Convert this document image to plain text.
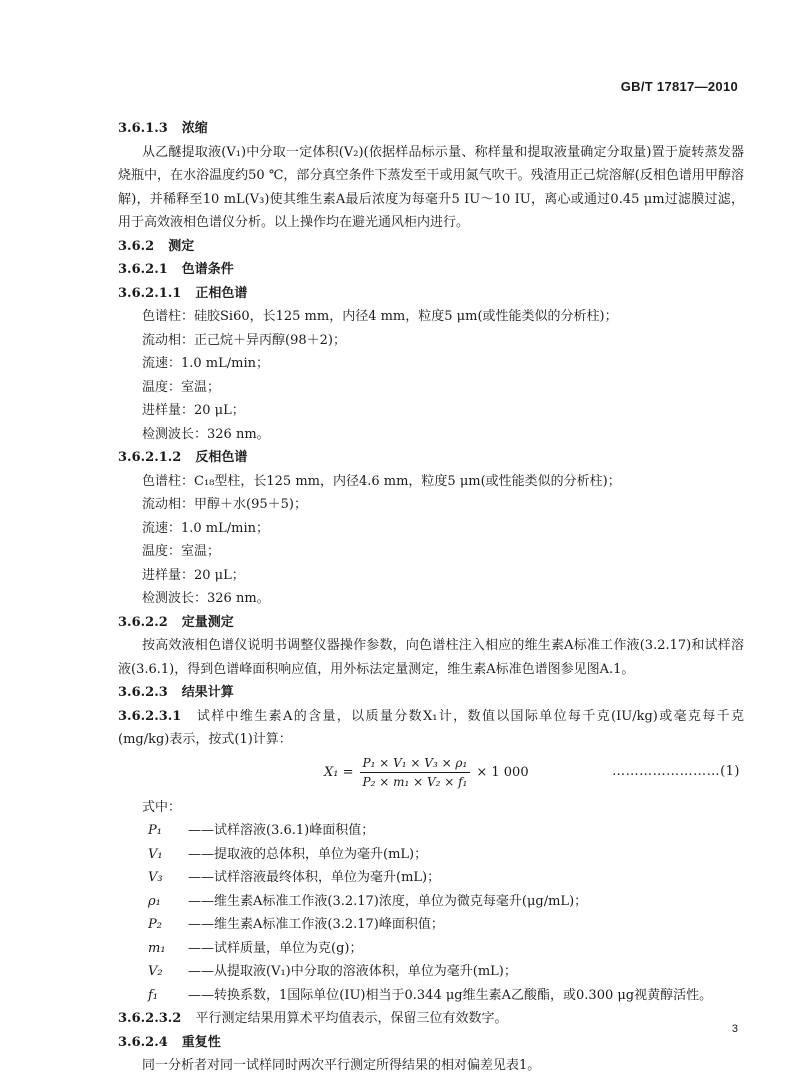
GB/T 17817—2010
3.6.1.3 浓缩
从乙醚提取液(V₁)中分取一定体积(V₂)(依据样品标示量、称样量和提取液量确定分取量)置于旋转蒸发器烧瓶中，在水浴温度约50 ℃，部分真空条件下蒸发至干或用氮气吹干。残渣用正己烷溶解(反相色谱用甲醇溶解)，并稀释至10 mL(V₃)使其维生素A最后浓度为每毫升5 IU～10 IU，离心或通过0.45 μm过滤膜过滤，用于高效液相色谱仪分析。以上操作均在避光通风柜内进行。
3.6.2 测定
3.6.2.1 色谱条件
3.6.2.1.1 正相色谱
色谱柱：硅胶Si60，长125 mm，内径4 mm，粒度5 μm(或性能类似的分析柱)；
流动相：正己烷＋异丙醇(98＋2)；
流速：1.0 mL/min；
温度：室温；
进样量：20 μL；
检测波长：326 nm。
3.6.2.1.2 反相色谱
色谱柱：C₁₈型柱，长125 mm，内径4.6 mm，粒度5 μm(或性能类似的分析柱)；
流动相：甲醇＋水(95＋5)；
流速：1.0 mL/min；
温度：室温；
进样量：20 μL；
检测波长：326 nm。
3.6.2.2 定量测定
按高效液相色谱仪说明书调整仪器操作参数，向色谱柱注入相应的维生素A标准工作液(3.2.17)和试样溶液(3.6.1)，得到色谱峰面积响应值，用外标法定量测定，维生素A标准色谱图参见图A.1。
3.6.2.3 结果计算
3.6.2.3.1 试样中维生素A的含量，以质量分数X₁计，数值以国际单位每千克(IU/kg)或毫克每千克(mg/kg)表示，按式(1)计算：
$X_1 = \frac{\text{P₁ × V₁ × V₃ × ρ₁}}{\text{P₂ × m₁ × V₂ × f₁}} \times 1$ 000	……………………(1)
式中：
P₁	——试样溶液(3.6.1)峰面积值；
V₁	——提取液的总体积，单位为毫升(mL)；
V₃	——试样溶液最终体积，单位为毫升(mL)；
ρ₁	——维生素A标准工作液(3.2.17)浓度，单位为微克每毫升(μg/mL)；
P₂	——维生素A标准工作液(3.2.17)峰面积值；
m₁	——试样质量，单位为克(g)；
V₂	——从提取液(V₁)中分取的溶液体积，单位为毫升(mL)；
f₁	——转换系数，1国际单位(IU)相当于0.344 μg维生素A乙酸酯，或0.300 μg视黄醇活性。
3.6.2.3.2 平行测定结果用算术平均值表示，保留三位有效数字。
3.6.2.4 重复性
同一分析者对同一试样同时两次平行测定所得结果的相对偏差见表1。
3
